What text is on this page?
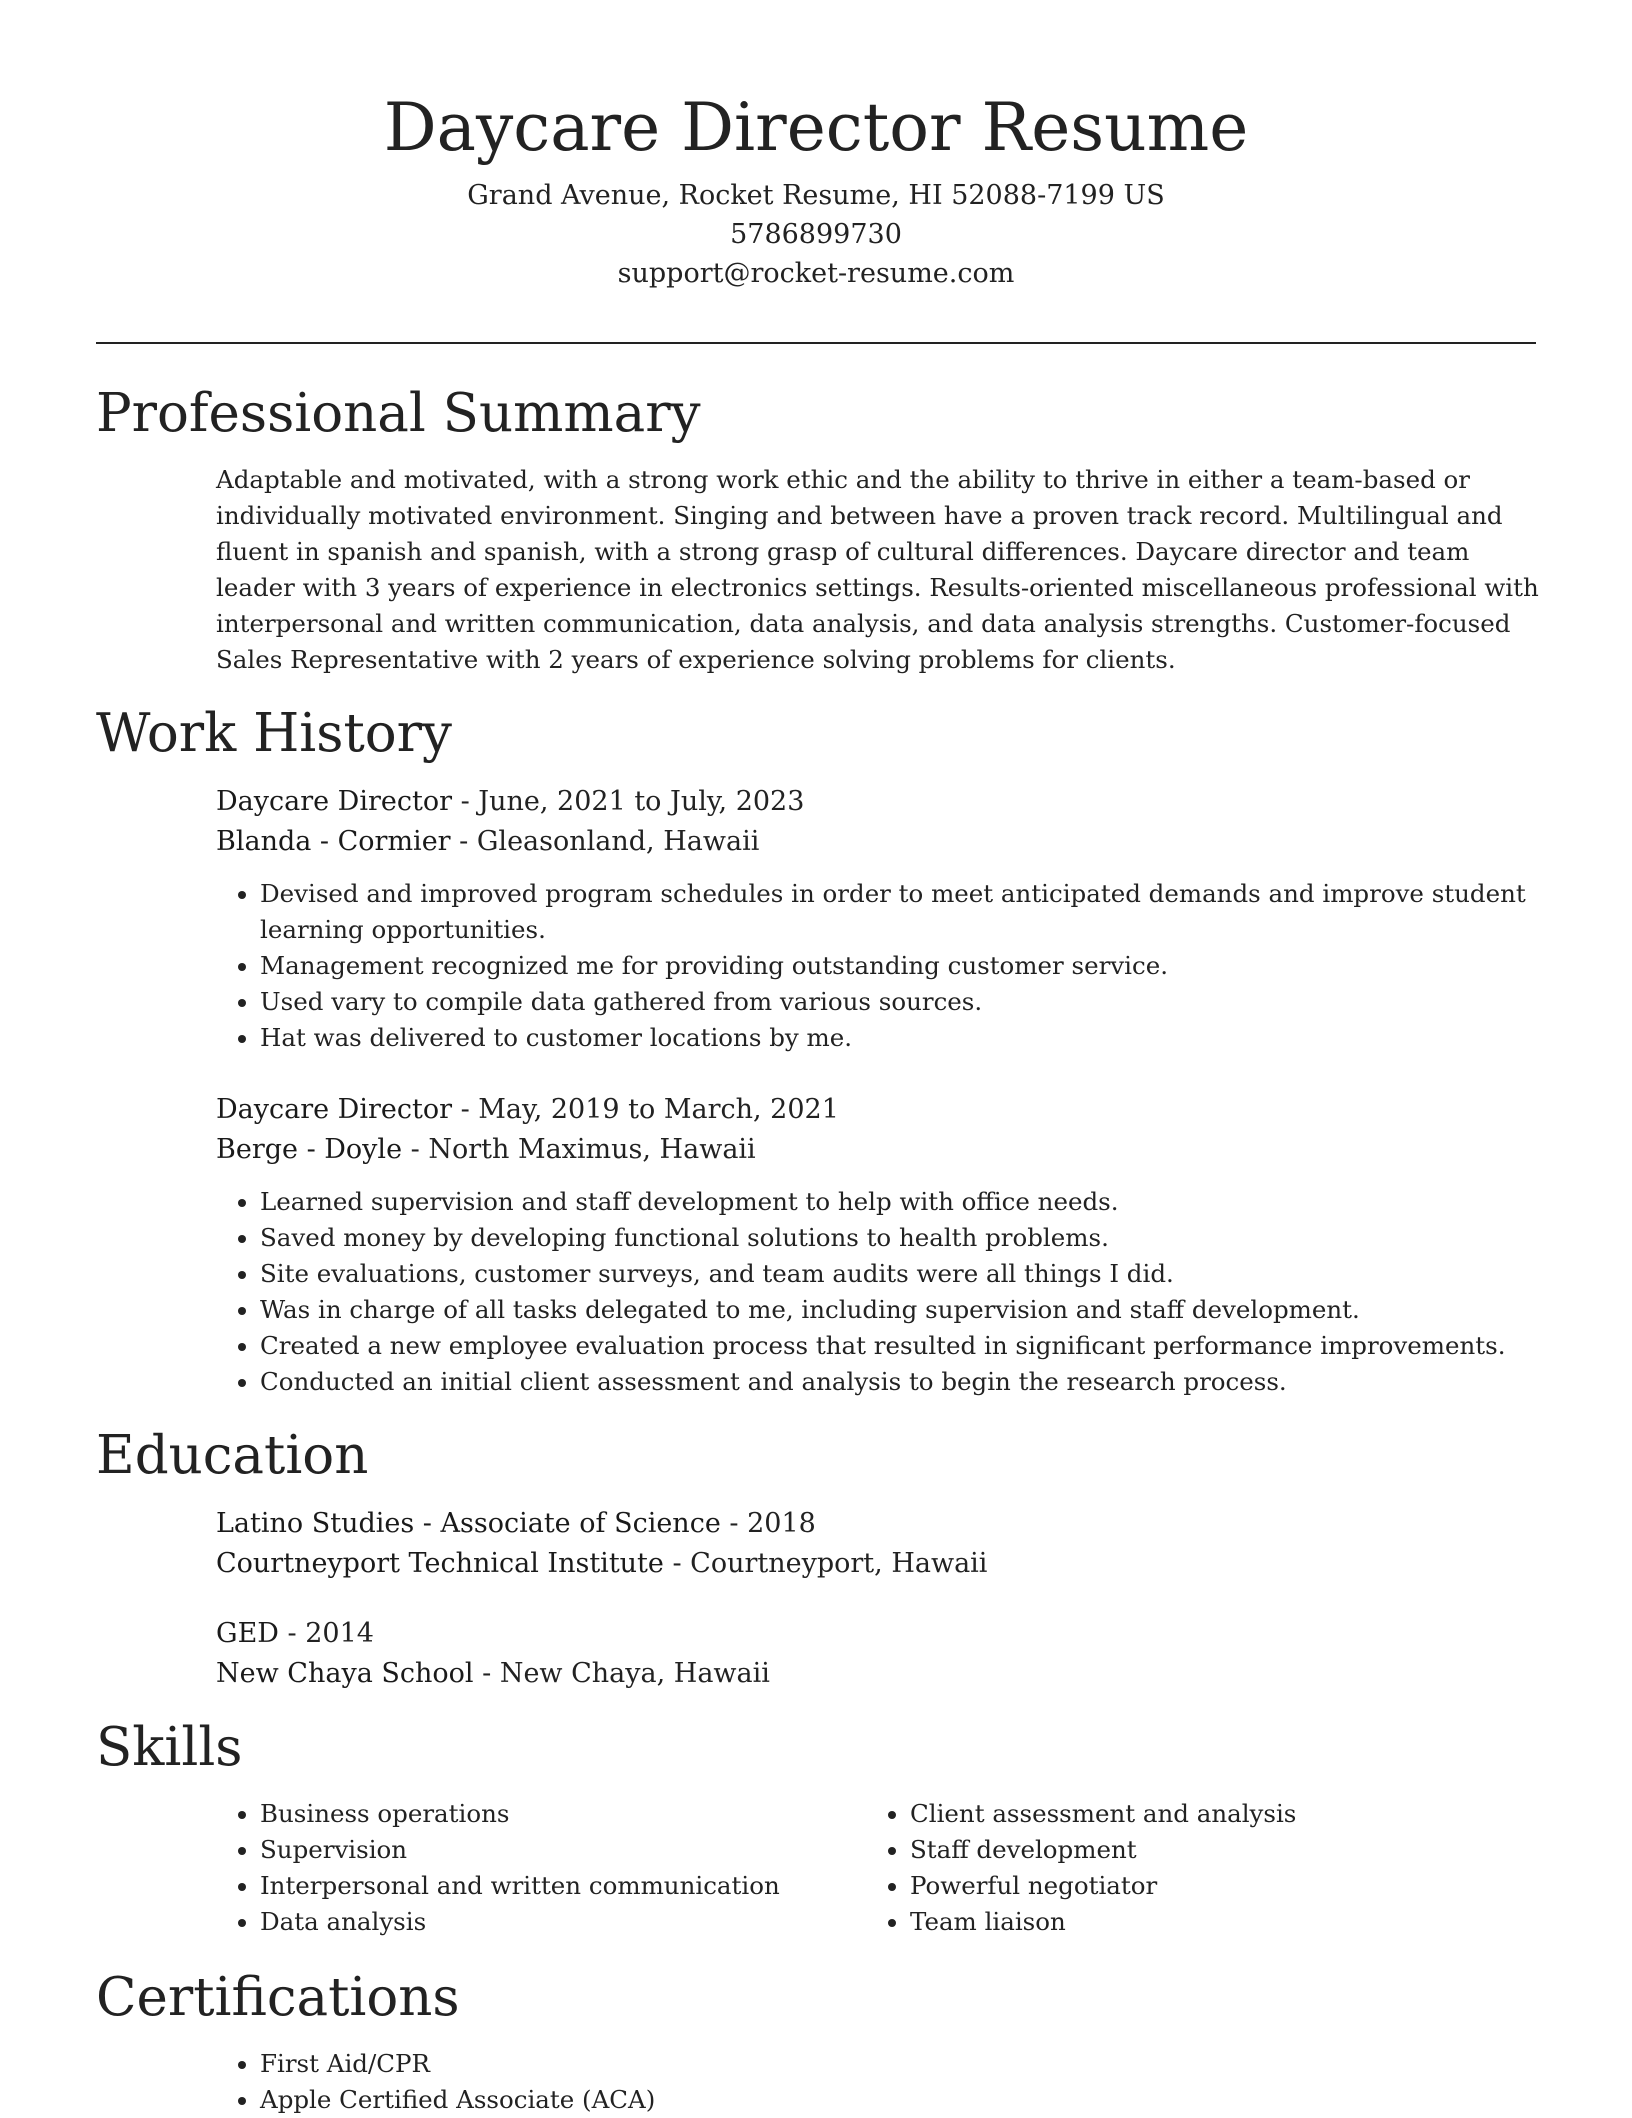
Daycare Director Resume
Grand Avenue, Rocket Resume, HI 52088-7199 US
5786899730
support@rocket-resume.com
Professional Summary
Adaptable and motivated, with a strong work ethic and the ability to thrive in either a team-based or individually motivated environment. Singing and between have a proven track record. Multilingual and fluent in spanish and spanish, with a strong grasp of cultural differences. Daycare director and team leader with 3 years of experience in electronics settings. Results-oriented miscellaneous professional with interpersonal and written communication, data analysis, and data analysis strengths. Customer-focused Sales Representative with 2 years of experience solving problems for clients.
Work History
Daycare Director - June, 2021 to July, 2023
Blanda - Cormier - Gleasonland, Hawaii
• Devised and improved program schedules in order to meet anticipated demands and improve student learning opportunities.
• Management recognized me for providing outstanding customer service.
• Used vary to compile data gathered from various sources.
• Hat was delivered to customer locations by me.
Daycare Director - May, 2019 to March, 2021
Berge - Doyle - North Maximus, Hawaii
• Learned supervision and staff development to help with office needs.
• Saved money by developing functional solutions to health problems.
• Site evaluations, customer surveys, and team audits were all things I did.
• Was in charge of all tasks delegated to me, including supervision and staff development.
• Created a new employee evaluation process that resulted in significant performance improvements.
• Conducted an initial client assessment and analysis to begin the research process.
Education
Latino Studies - Associate of Science - 2018
Courtneyport Technical Institute - Courtneyport, Hawaii
GED - 2014
New Chaya School - New Chaya, Hawaii
Skills
• Business operations
• Supervision
• Interpersonal and written communication
• Data analysis
• Client assessment and analysis
• Staff development
• Powerful negotiator
• Team liaison
Certifications
• First Aid/CPR
• Apple Certified Associate (ACA)
